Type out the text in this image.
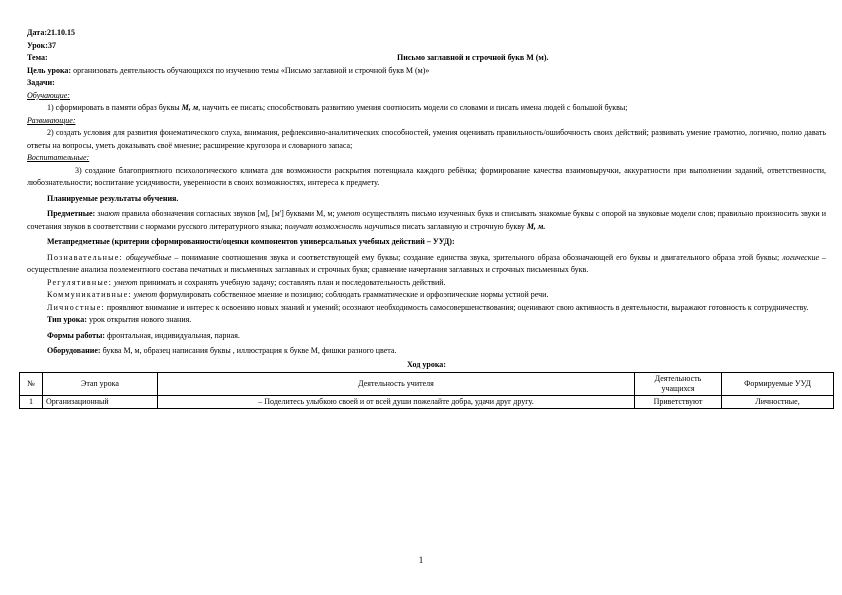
Дата:21.10.15
Урок:37
Тема:	Письмо заглавной и строчной букв М (м).
Цель урока: организовать деятельность обучающихся по изучению темы «Письмо заглавной и строчной букв М (м)»
Задачи:
Обучающие:
1) сформировать в памяти образ буквы М, м, научить ее писать; способствовать развитию умения соотносить модели со словами и писать имена людей с большой буквы;
Развивающие:
2) создать условия для развития фонематического слуха, внимания, рефлексивно-аналитических способностей, умения оценивать правильность/ошибочность своих действий; развивать умение грамотно, логично, полно давать ответы на вопросы, уметь доказывать своё мнение; расширение кругозора и словарного запаса;
Воспитательные:
3) создание благоприятного психологического климата для возможности раскрытия потенциала каждого ребёнка; формирование качества взаимовыручки, аккуратности при выполнении заданий, ответственности, любознательности; воспитание усидчивости, уверенности в своих возможностях, интереса к предмету.
Планируемые результаты обучения.
Предметные: знают правила обозначения согласных звуков [м], [м'] буквами М, м; умеют осуществлять письмо изученных букв и списывать знакомые буквы с опорой на звуковые модели слов; правильно произносить звуки и сочетания звуков в соответствии с нормами русского литературного языка; получат возможность научиться писать заглавную и строчную букву М, м.
Метапредметные (критерии сформированности/оценки компонентов универсальных учебных действий – УУД):
Познавательные: общеучебные – понимание соотношения звука и соответствующей ему буквы; создание единства звука, зрительного образа обозначающей его буквы и двигательного образа этой буквы; логические – осуществление анализа поэлементного состава печатных и письменных заглавных и строчных букв; сравнение начертания заглавных и строчных письменных букв.
Регулятивные: умеют принимать и сохранять учебную задачу; составлять план и последовательность действий.
Коммуникативные: умеют формулировать собственное мнение и позицию; соблюдать грамматические и орфоэпические нормы устной речи.
Личностные: проявляют внимание и интерес к освоению новых знаний и умений; осознают необходимость самосовершенствования; оценивают свою активность в деятельности, выражают готовность к сотрудничеству.
Тип урока: урок открытия нового знания.
Формы работы: фронтальная, индивидуальная, парная.
Оборудование: буква М, м, образец написания буквы , иллюстрация к букве М, фишки разного цвета.
Ход урока:
№	Этап урока	Деятельность учителя	Деятельность учащихся	Формируемые УУД
1	Организационный	– Поделитесь улыбкою своей и от всей души пожелайте добра, удачи друг другу.	Приветствуют	Личностные,
1
